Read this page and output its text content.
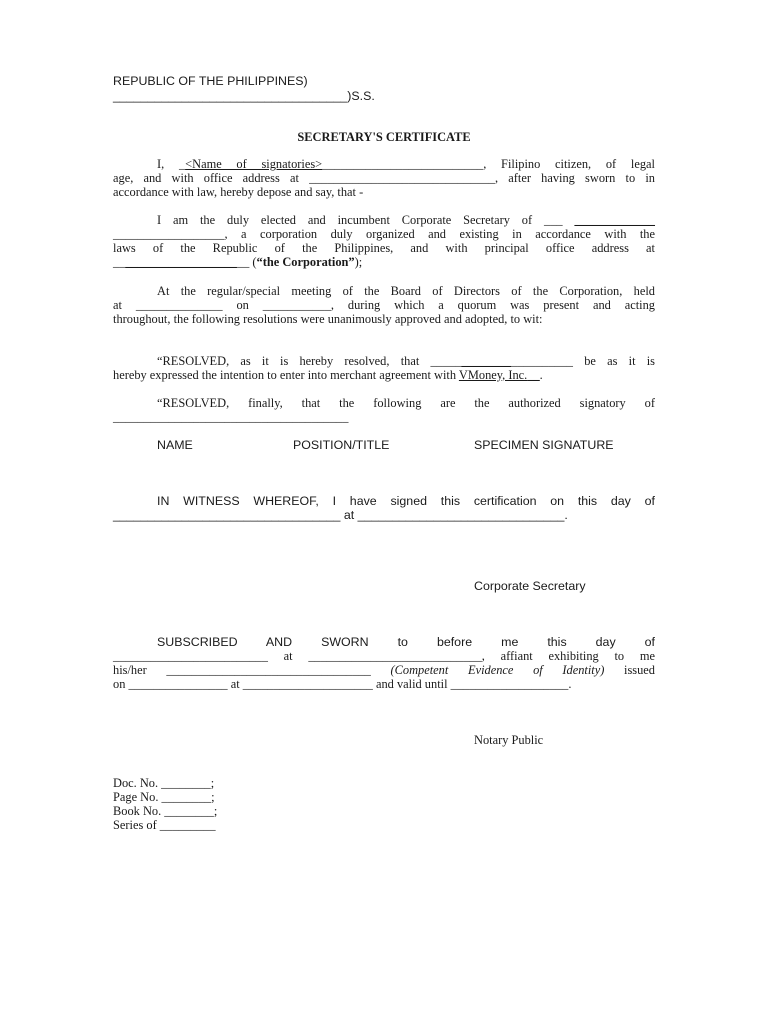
REPUBLIC OF THE PHILIPPINES)
__________________________________)S.S.
SECRETARY'S CERTIFICATE

I, _<Name of signatories>__________________________, Filipino citizen, of legal

age, and with office address at ______________________________, after having sworn to in

accordance with law, hereby depose and say, that -

I am the duly elected and incumbent Corporate Secretary of ___ _____________

__________________, a corporation duly organized and existing in accordance with the

laws of the Republic of the Philippines, and with principal office address at

______________________ (“the Corporation”);

At the regular/special meeting of the Board of Directors of the Corporation, held

at ______________ on ___________, during which a quorum was present and acting

throughout, the following resolutions were unanimously approved and adopted, to wit:

“RESOLVED, as it is hereby resolved, that _______________________ be as it is

hereby expressed the intention to enter into merchant agreement with VMoney, Inc.__.

“RESOLVED, finally, that the following are the authorized signatory of

______________________________________

NAME	POSITION/TITLE	SPECIMEN SIGNATURE

IN WITNESS WHEREOF, I have signed this certification on this day of

_________________________________ at ______________________________.

Corporate Secretary

SUBSCRIBED AND SWORN to before me this day of

_________________________ at ____________________________, affiant exhibiting to me

his/her _________________________________ (Competent Evidence of Identity) issued

on ________________ at _____________________ and valid until ___________________.

Notary Public
Doc. No. ________;
Page No. ________;
Book No. ________;
Series of _________
